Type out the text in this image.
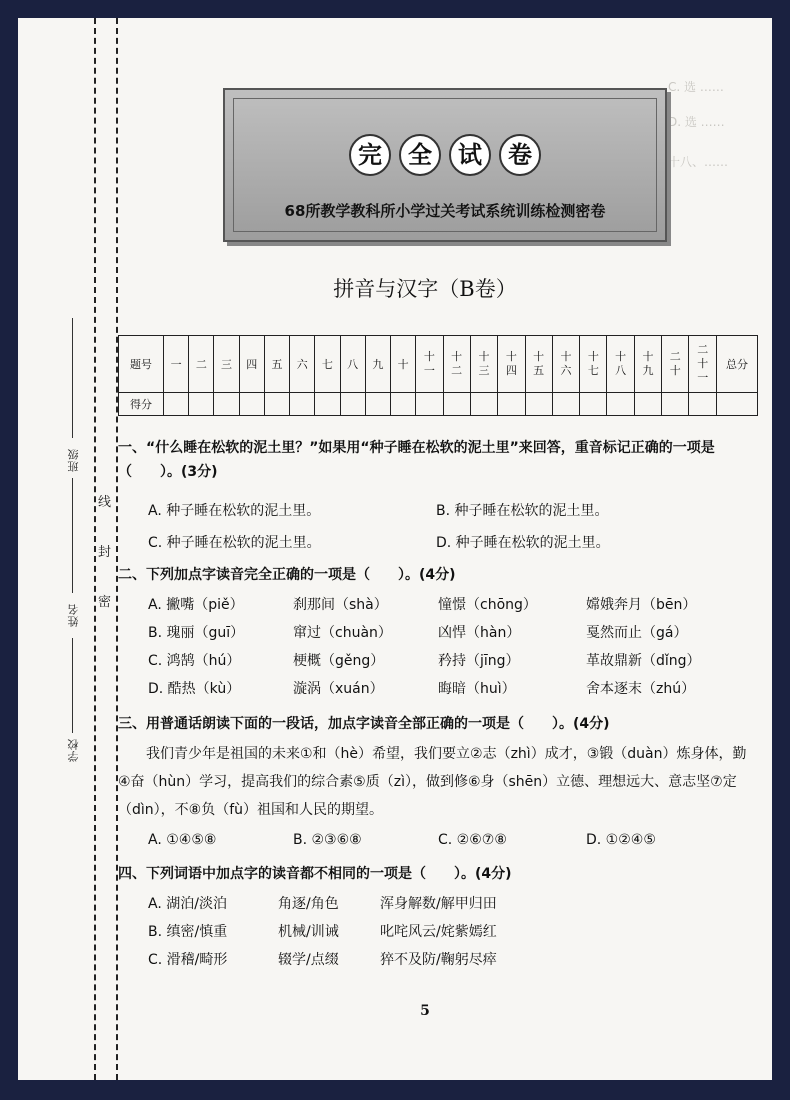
班级
姓名
学校
线
封
密
C. 选 ……
D. 选 ……
十八、……
完 全 试 卷
68所教学教科所小学过关考试系统训练检测密卷
拼音与汉字（B卷）
题号	一	二	三	四	五	六	七	八	九	十	十一	十二	十三	十四	十五	十六	十七	十八	十九	二十	二十一	总分
得分																						
一、“什么睡在松软的泥土里？”如果用“种子睡在松软的泥土里”来回答，重音标记正确的一项是（　　）。(3分)
A. 种子睡在松软的泥土里。	B. 种子睡在松软的泥土里。
C. 种子睡在松软的泥土里。	D. 种子睡在松软的泥土里。
二、下列加点字读音完全正确的一项是（　　）。(4分)
A. 撇嘴（piě）	刹那间（shà）	憧憬（chōng）	嫦娥奔月（bēn）
B. 瑰丽（guī）	窜过（chuàn）	凶悍（hàn）	戛然而止（gá）
C. 鸿鹄（hú）	梗概（gěng）	矜持（jīng）	革故鼎新（dǐng）
D. 酷热（kù）	漩涡（xuán）	晦暗（huì）	舍本逐末（zhú）
三、用普通话朗读下面的一段话，加点字读音全部正确的一项是（　　）。(4分)
我们青少年是祖国的未来①和（hè）希望，我们要立②志（zhì）成才，③锻（duàn）炼身体，勤④奋（hùn）学习，提高我们的综合素⑤质（zì），做到修⑥身（shēn）立德、理想远大、意志坚⑦定（dìn），不⑧负（fù）祖国和人民的期望。
A. ①④⑤⑧	B. ②③⑥⑧	C. ②⑥⑦⑧	D. ①②④⑤
四、下列词语中加点字的读音都不相同的一项是（　　）。(4分)
A. 湖泊/淡泊	角逐/角色	浑身解数/解甲归田
B. 缜密/慎重	机械/训诫	叱咤风云/姹紫嫣红
C. 滑稽/畸形	辍学/点缀	猝不及防/鞠躬尽瘁
5
